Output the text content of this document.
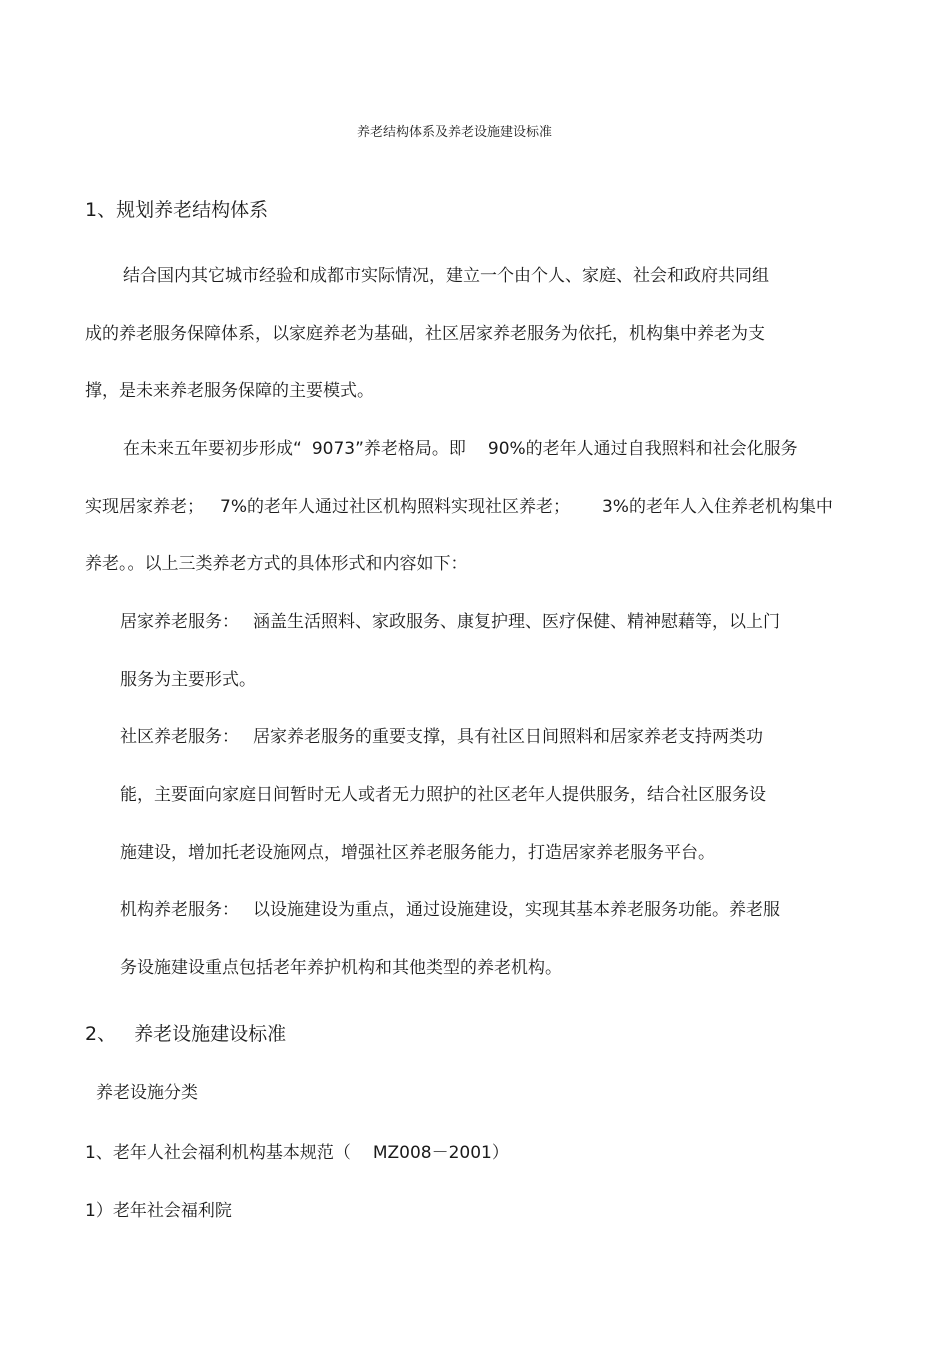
养老结构体系及养老设施建设标准
1、规划养老结构体系
结合国内其它城市经验和成都市实际情况，建立一个由个人、家庭、社会和政府共同组
成的养老服务保障体系，以家庭养老为基础，社区居家养老服务为依托，机构集中养老为支
撑，是未来养老服务保障的主要模式。
在未来五年要初步形成“ 9073”养老格局。即 90%的老年人通过自我照料和社会化服务
实现居家养老； 7%的老年人通过社区机构照料实现社区养老； 3%的老年人入住养老机构集中
养老。。以上三类养老方式的具体形式和内容如下：
居家养老服务： 涵盖生活照料、家政服务、康复护理、医疗保健、精神慰藉等，以上门
服务为主要形式。
社区养老服务： 居家养老服务的重要支撑，具有社区日间照料和居家养老支持两类功
能，主要面向家庭日间暂时无人或者无力照护的社区老年人提供服务，结合社区服务设
施建设，增加托老设施网点，增强社区养老服务能力，打造居家养老服务平台。
机构养老服务： 以设施建设为重点，通过设施建设，实现其基本养老服务功能。养老服
务设施建设重点包括老年养护机构和其他类型的养老机构。
2、 养老设施建设标准
养老设施分类
1、老年人社会福利机构基本规范（ MZ008－2001）
1）老年社会福利院
